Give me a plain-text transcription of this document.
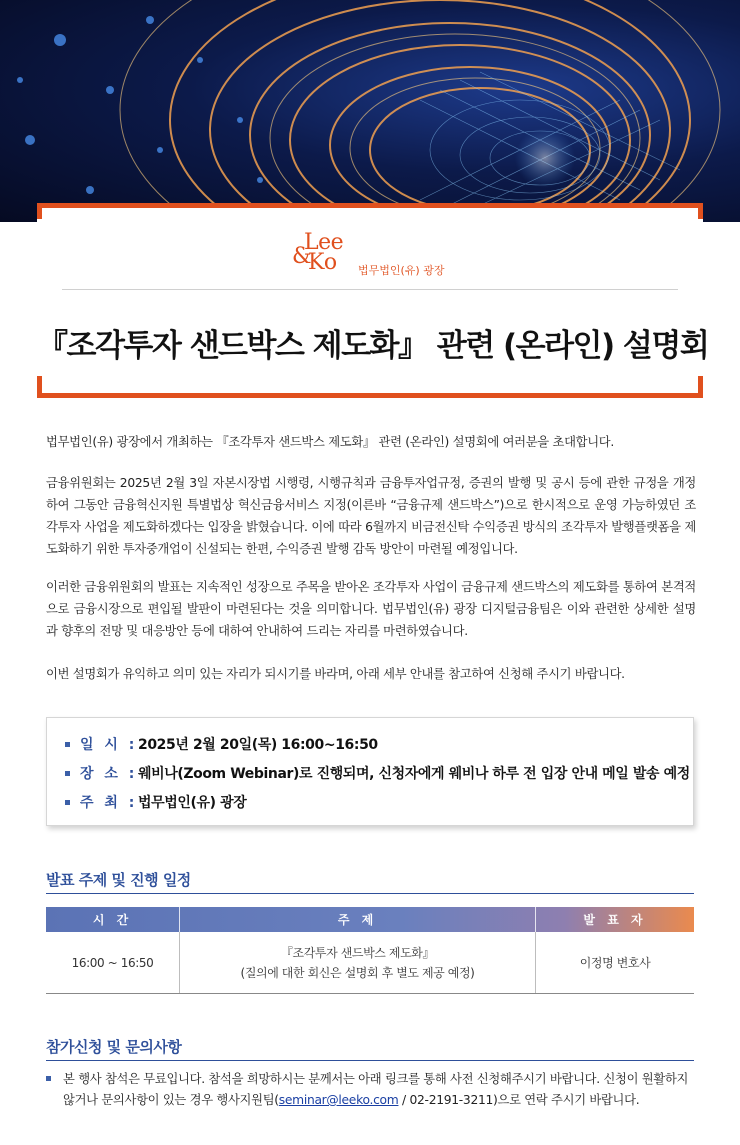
Lee
&
Ko 법무법인(유) 광장
『조각투자 샌드박스 제도화』 관련 (온라인) 설명회

법무법인(유) 광장에서 개최하는 『조각투자 샌드박스 제도화』 관련 (온라인) 설명회에 여러분을 초대합니다.

금융위원회는 2025년 2월 3일 자본시장법 시행령, 시행규칙과 금융투자업규정, 증권의 발행 및 공시 등에 관한 규정을 개정하여 그동안 금융혁신지원 특별법상 혁신금융서비스 지정(이른바 “금융규제 샌드박스”)으로 한시적으로 운영 가능하였던 조각투자 사업을 제도화하겠다는 입장을 밝혔습니다. 이에 따라 6월까지 비금전신탁 수익증권 방식의 조각투자 발행플랫폼을 제도화하기 위한 투자중개업이 신설되는 한편, 수익증권 발행 감독 방안이 마련될 예정입니다.

이러한 금융위원회의 발표는 지속적인 성장으로 주목을 받아온 조각투자 사업이 금융규제 샌드박스의 제도화를 통하여 본격적으로 금융시장으로 편입될 발판이 마련된다는 것을 의미합니다. 법무법인(유) 광장 디지털금융팀은 이와 관련한 상세한 설명과 향후의 전망 및 대응방안 등에 대하여 안내하여 드리는 자리를 마련하였습니다.

이번 설명회가 유익하고 의미 있는 자리가 되시기를 바라며, 아래 세부 안내를 참고하여 신청해 주시기 바랍니다.

일 시 : 2025년 2월 20일(목) 16:00~16:50
장 소 : 웨비나(Zoom Webinar)로 진행되며, 신청자에게 웨비나 하루 전 입장 안내 메일 발송 예정
주 최 : 법무법인(유) 광장
발표 주제 및 진행 일정
시 간	주 제	발 표 자
16:00 ~ 16:50
『조각투자 샌드박스 제도화』
(질의에 대한 회신은 설명회 후 별도 제공 예정)
이정명 변호사
참가신청 및 문의사항

본 행사 참석은 무료입니다. 참석을 희망하시는 분께서는 아래 링크를 통해 사전 신청해주시기 바랍니다. 신청이 원활하지 않거나 문의사항이 있는 경우 행사지원팀(seminar@leeko.com / 02-2191-3211)으로 연락 주시기 바랍니다.
